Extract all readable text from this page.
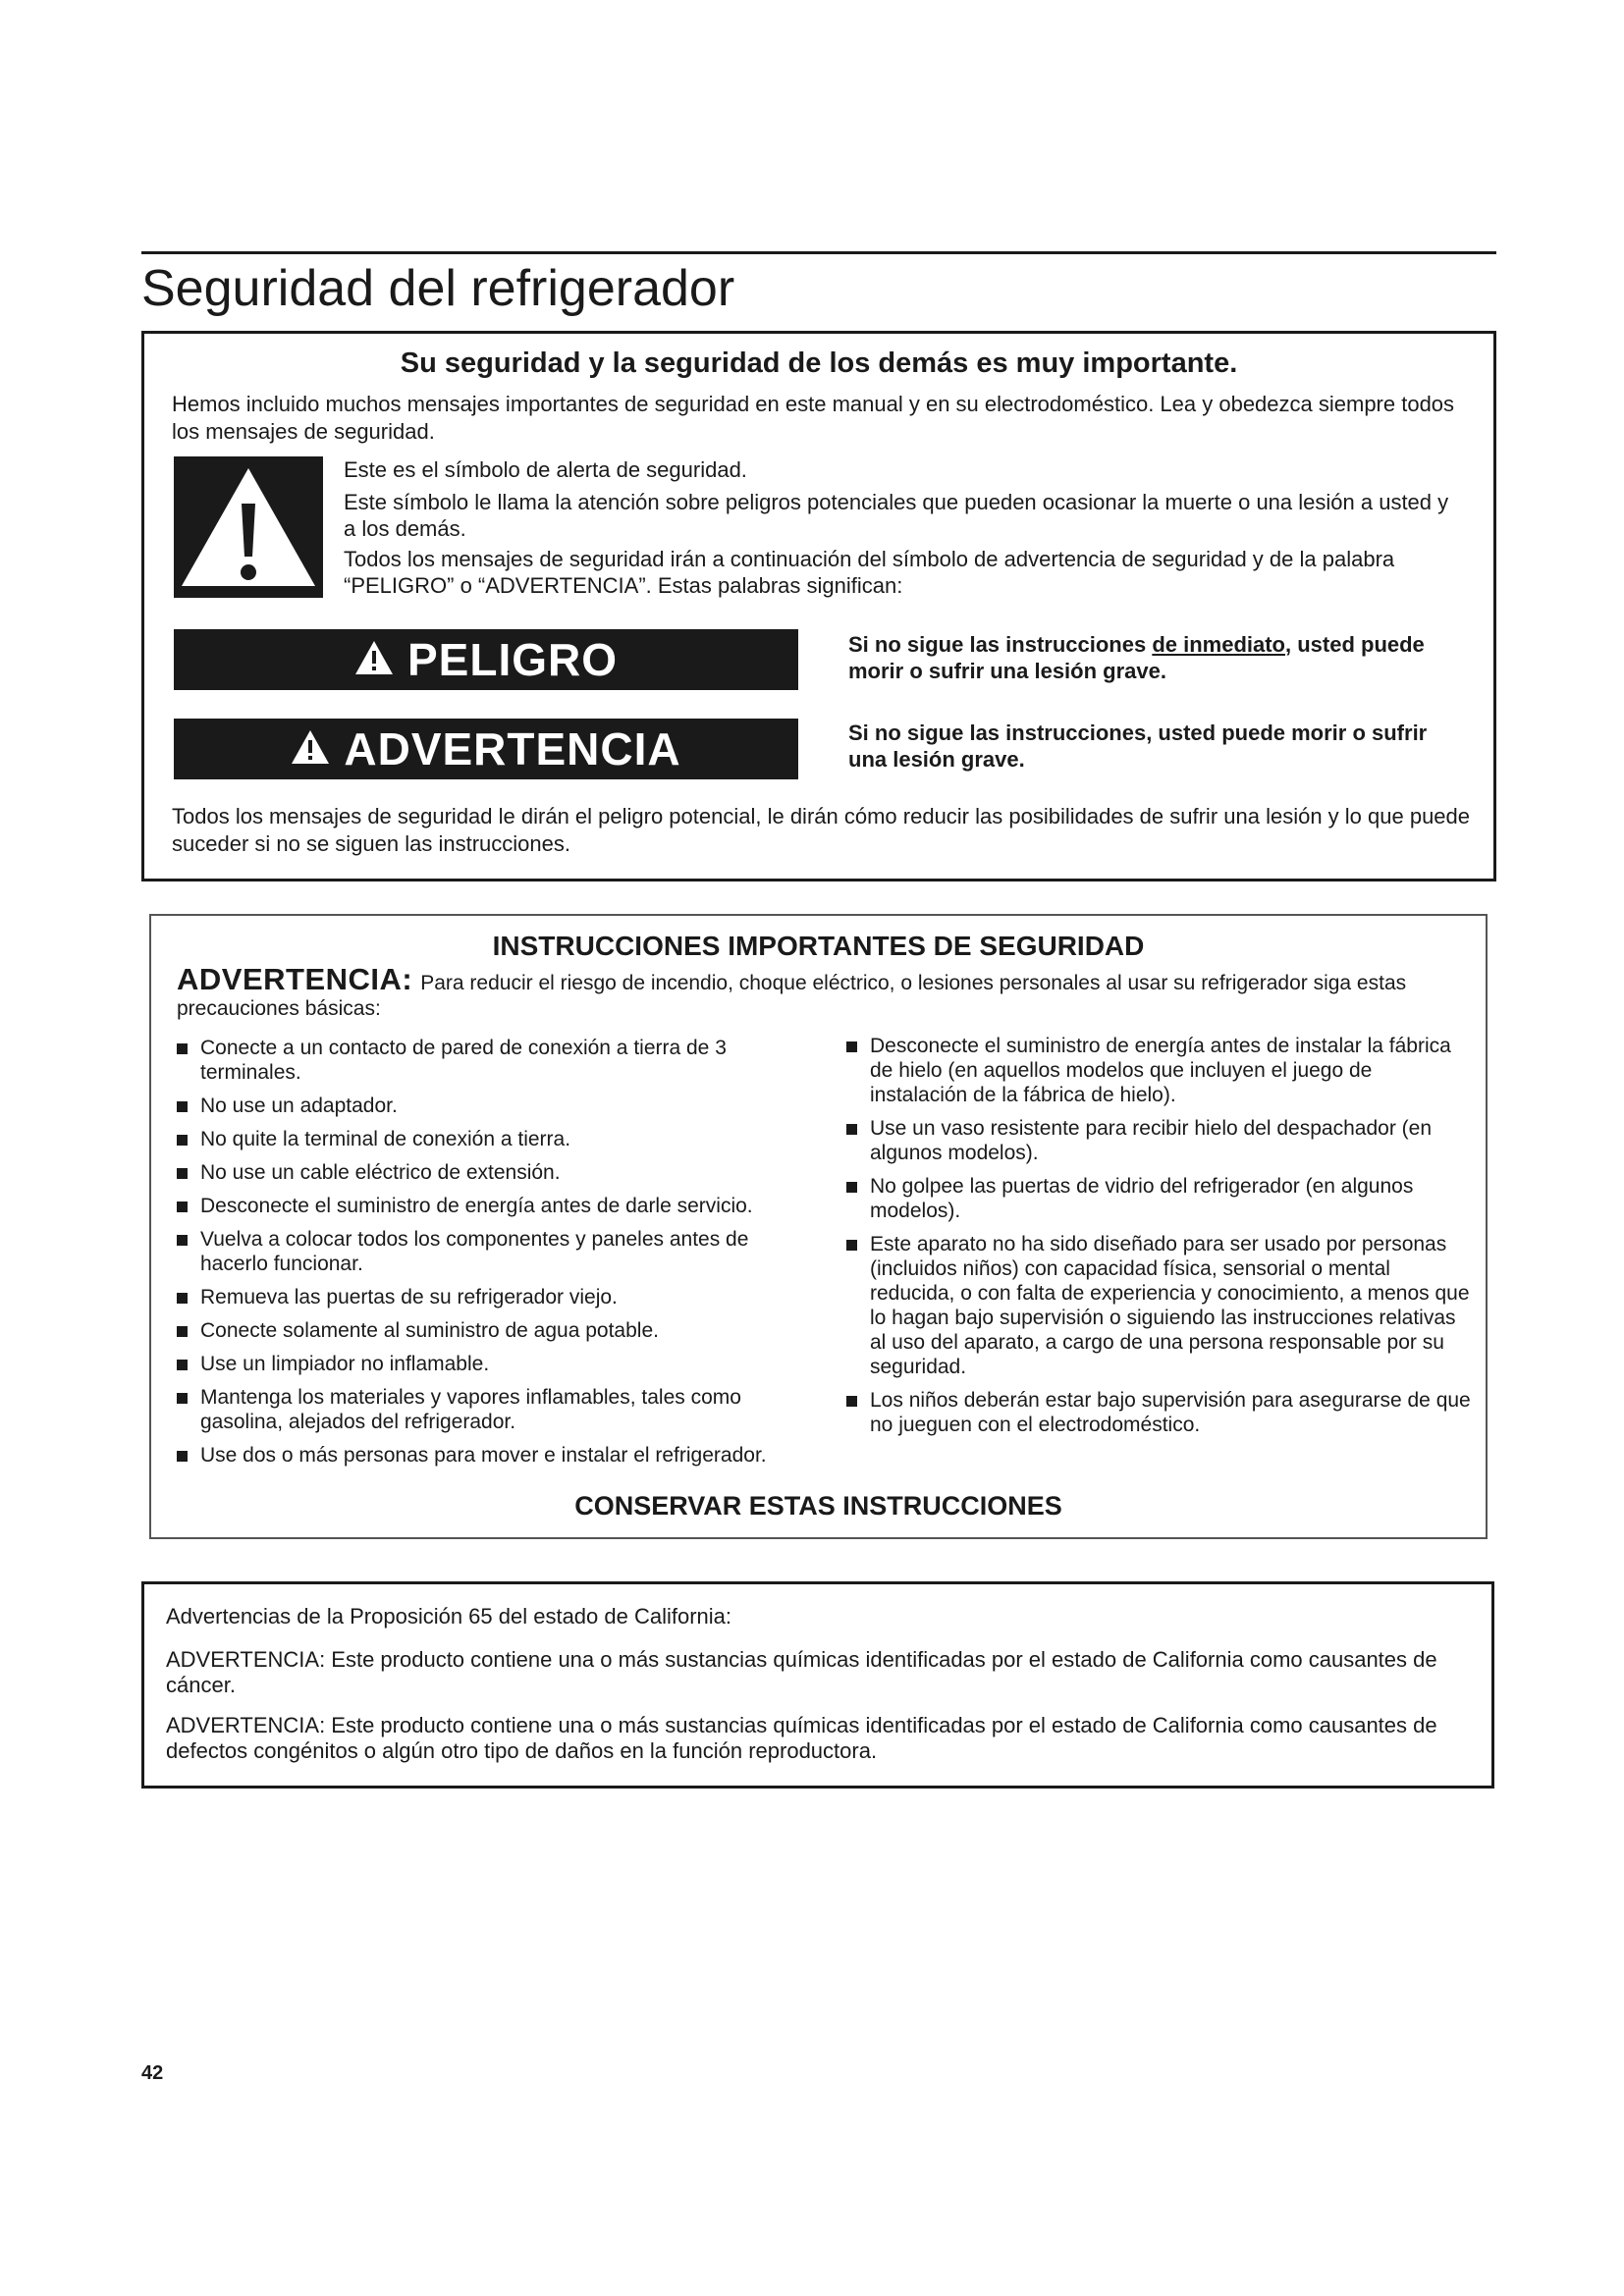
Seguridad del refrigerador
Su seguridad y la seguridad de los demás es muy importante.
Hemos incluido muchos mensajes importantes de seguridad en este manual y en su electrodoméstico. Lea y obedezca siempre todos los mensajes de seguridad.
Este es el símbolo de alerta de seguridad.
Este símbolo le llama la atención sobre peligros potenciales que pueden ocasionar la muerte o una lesión a usted y a los demás.
Todos los mensajes de seguridad irán a continuación del símbolo de advertencia de seguridad y de la palabra “PELIGRO” o “ADVERTENCIA”. Estas palabras significan:
PELIGRO	Si no sigue las instrucciones de inmediato, usted puede morir o sufrir una lesión grave.
ADVERTENCIA	Si no sigue las instrucciones, usted puede morir o sufrir una lesión grave.
Todos los mensajes de seguridad le dirán el peligro potencial, le dirán cómo reducir las posibilidades de sufrir una lesión y lo que puede suceder si no se siguen las instrucciones.
INSTRUCCIONES IMPORTANTES DE SEGURIDAD
ADVERTENCIA: Para reducir el riesgo de incendio, choque eléctrico, o lesiones personales al usar su refrigerador siga estas precauciones básicas:
Conecte a un contacto de pared de conexión a tierra de 3 terminales.
No use un adaptador.
No quite la terminal de conexión a tierra.
No use un cable eléctrico de extensión.
Desconecte el suministro de energía antes de darle servicio.
Vuelva a colocar todos los componentes y paneles antes de hacerlo funcionar.
Remueva las puertas de su refrigerador viejo.
Conecte solamente al suministro de agua potable.
Use un limpiador no inflamable.
Mantenga los materiales y vapores inflamables, tales como gasolina, alejados del refrigerador.
Use dos o más personas para mover e instalar el refrigerador.
Desconecte el suministro de energía antes de instalar la fábrica de hielo (en aquellos modelos que incluyen el juego de instalación de la fábrica de hielo).
Use un vaso resistente para recibir hielo del despachador (en algunos modelos).
No golpee las puertas de vidrio del refrigerador (en algunos modelos).
Este aparato no ha sido diseñado para ser usado por personas (incluidos niños) con capacidad física, sensorial o mental reducida, o con falta de experiencia y conocimiento, a menos que lo hagan bajo supervisión o siguiendo las instrucciones relativas al uso del aparato, a cargo de una persona responsable por su seguridad.
Los niños deberán estar bajo supervisión para asegurarse de que no jueguen con el electrodoméstico.
CONSERVAR ESTAS INSTRUCCIONES

Advertencias de la Proposición 65 del estado de California:

ADVERTENCIA: Este producto contiene una o más sustancias químicas identificadas por el estado de California como causantes de cáncer.

ADVERTENCIA: Este producto contiene una o más sustancias químicas identificadas por el estado de California como causantes de defectos congénitos o algún otro tipo de daños en la función reproductora.

42
